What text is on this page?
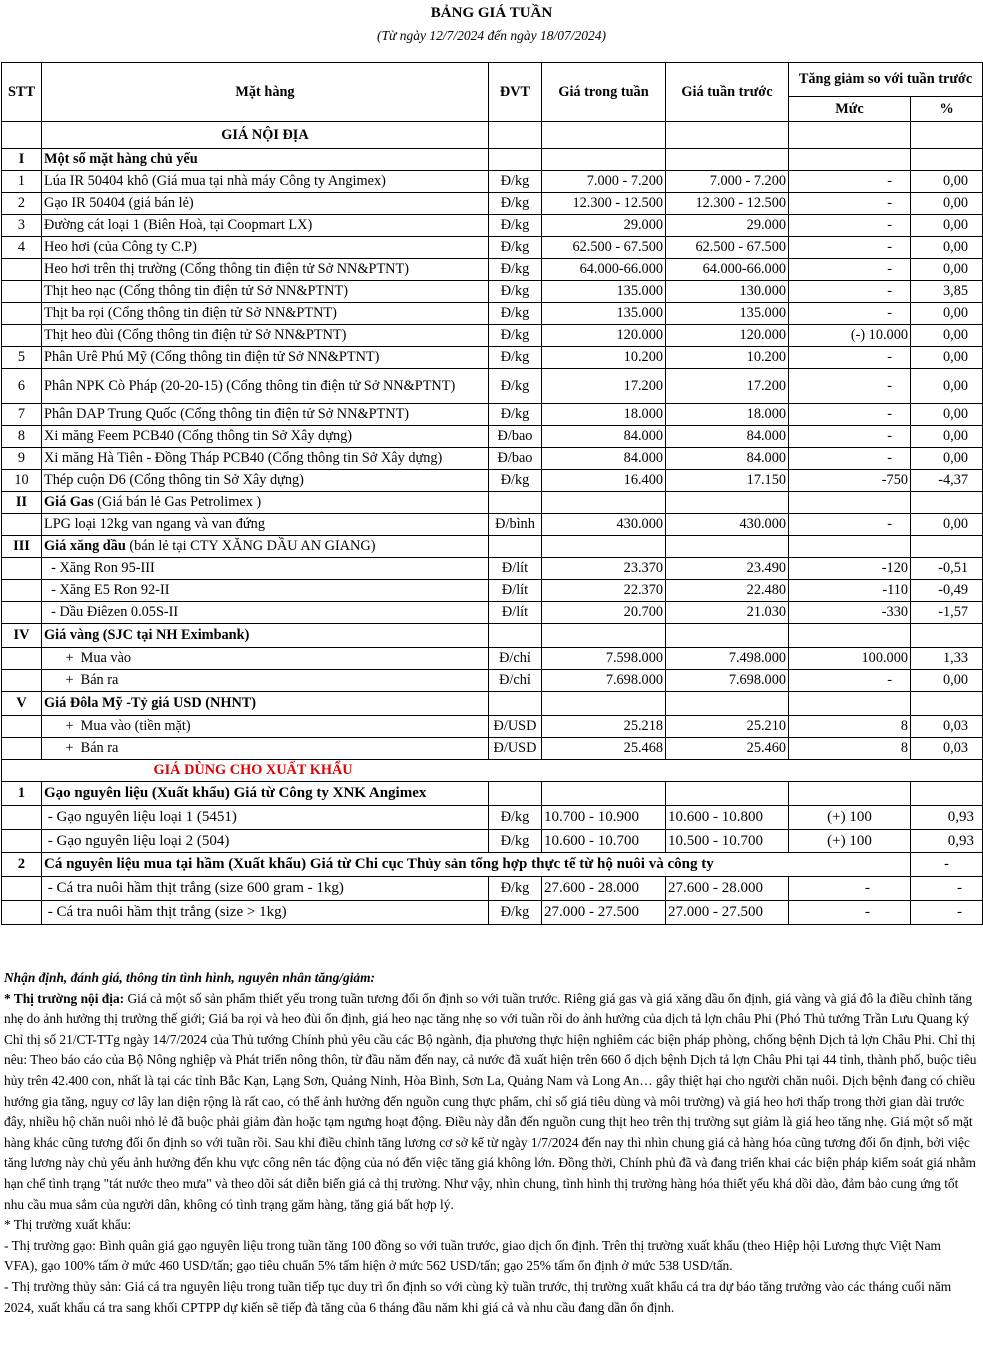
BẢNG GIÁ TUẦN
(Từ ngày 12/7/2024 đến ngày 18/07/2024)
STT	Mặt hàng	ĐVT	Giá trong tuần	Giá tuần trước	Tăng giảm so với tuần trước	
					Mức	%
	GIÁ NỘI ĐỊA					
I	Một số mặt hàng chủ yếu					
1	Lúa IR 50404 khô (Giá mua tại nhà máy Công ty Angimex)	Đ/kg	7.000 - 7.200	7.000 - 7.200	-	0,00
2	Gạo IR 50404 (giá bán lẻ)	Đ/kg	12.300 - 12.500	12.300 - 12.500	-	0,00
3	Đường cát loại 1 (Biên Hoà, tại Coopmart LX)	Đ/kg	29.000	29.000	-	0,00
4	Heo hơi (của Công ty C.P)	Đ/kg	62.500 - 67.500	62.500 - 67.500	-	0,00
	Heo hơi trên thị trường (Cổng thông tin điện tử Sở NN&PTNT)	Đ/kg	64.000-66.000	64.000-66.000	-	0,00
	Thịt heo nạc (Cổng thông tin điện tử Sở NN&PTNT)	Đ/kg	135.000	130.000	-	3,85
	Thịt ba rọi (Cổng thông tin điện tử Sở NN&PTNT)	Đ/kg	135.000	135.000	-	0,00
	Thịt heo đùi (Cổng thông tin điện tử Sở NN&PTNT)	Đ/kg	120.000	120.000	(-) 10.000	0,00
5	Phân Urê Phú Mỹ (Cổng thông tin điện tử Sở NN&PTNT)	Đ/kg	10.200	10.200	-	0,00
6	Phân NPK Cò Pháp (20-20-15) (Cổng thông tin điện tử Sở NN&PTNT)	Đ/kg	17.200	17.200	-	0,00
7	Phân DAP Trung Quốc (Cổng thông tin điện tử Sở NN&PTNT)	Đ/kg	18.000	18.000	-	0,00
8	Xi măng Feem PCB40 (Cổng thông tin Sở Xây dựng)	Đ/bao	84.000	84.000	-	0,00
9	Xi măng Hà Tiên - Đồng Tháp PCB40 (Cổng thông tin Sở Xây dựng)	Đ/bao	84.000	84.000	-	0,00
10	Thép cuộn D6 (Cổng thông tin Sở Xây dựng)	Đ/kg	16.400	17.150	-750	-4,37
II	Giá Gas (Giá bán lẻ Gas Petrolimex )					
	LPG loại 12kg van ngang và van đứng	Đ/bình	430.000	430.000	-	0,00
III	Giá xăng dầu (bán lẻ tại CTY XĂNG DẦU AN GIANG)					
	- Xăng Ron 95-III	Đ/lít	23.370	23.490	-120	-0,51
	- Xăng E5 Ron 92-II	Đ/lít	22.370	22.480	-110	-0,49
	- Dầu Điêzen 0.05S-II	Đ/lít	20.700	21.030	-330	-1,57
IV	Giá vàng (SJC tại NH Eximbank)					
	+  Mua vào	Đ/chỉ	7.598.000	7.498.000	100.000	1,33
	+  Bán ra	Đ/chỉ	7.698.000	7.698.000	-	0,00
V	Giá Đôla Mỹ -Tỷ giá USD (NHNT)					
	+  Mua vào (tiền mặt)	Đ/USD	25.218	25.210	8	0,03
	+  Bán ra	Đ/USD	25.468	25.460	8	0,03
	GIÁ DÙNG CHO XUẤT KHẨU					
1	Gạo nguyên liệu (Xuất khẩu) Giá từ Công ty XNK Angimex					
	- Gạo nguyên liệu loại 1 (5451)	Đ/kg	10.700 - 10.900	10.600 - 10.800	(+) 100	0,93
	- Gạo nguyên liệu loại 2 (504)	Đ/kg	10.600 - 10.700	10.500 - 10.700	(+) 100	0,93
2	Cá nguyên liệu mua tại hầm (Xuất khẩu) Giá từ Chi cục Thủy sản tổng hợp thực tế từ hộ nuôi và công ty					-
	- Cá tra nuôi hầm thịt trắng (size 600 gram - 1kg)	Đ/kg	27.600 - 28.000	27.600 - 28.000	-	-
	- Cá tra nuôi hầm thịt trắng (size > 1kg)	Đ/kg	27.000 - 27.500	27.000 - 27.500	-	-

Nhận định, đánh giá, thông tin tình hình, nguyên nhân tăng/giảm:

* Thị trường nội địa: Giá cả một số sản phẩm thiết yếu trong tuần tương đối ổn định so với tuần trước. Riêng giá gas và giá xăng dầu ổn định, giá vàng và giá đô la điều chỉnh tăng nhẹ do ảnh hưởng thị trường thế giới; Giá ba rọi và heo đùi ổn định, giá heo nạc tăng nhẹ so với tuần rồi do ảnh hưởng của dịch tả lợn châu Phi (Phó Thủ tướng Trần Lưu Quang ký Chỉ thị số 21/CT-TTg ngày 14/7/2024 của Thủ tướng Chính phủ yêu cầu các Bộ ngành, địa phương thực hiện nghiêm các biện pháp phòng, chống bệnh Dịch tả lợn Châu Phi. Chỉ thị nêu: Theo báo cáo của Bộ Nông nghiệp và Phát triển nông thôn, từ đầu năm đến nay, cả nước đã xuất hiện trên 660 ổ dịch bệnh Dịch tả lợn Châu Phi tại 44 tỉnh, thành phố, buộc tiêu hủy trên 42.400 con, nhất là tại các tỉnh Bắc Kạn, Lạng Sơn, Quảng Ninh, Hòa Bình, Sơn La, Quảng Nam và Long An… gây thiệt hại cho người chăn nuôi. Dịch bệnh đang có chiều hướng gia tăng, nguy cơ lây lan diện rộng là rất cao, có thể ảnh hưởng đến nguồn cung thực phẩm, chỉ số giá tiêu dùng và môi trường) và giá heo hơi thấp trong thời gian dài trước đây, nhiều hộ chăn nuôi nhỏ lẻ đã buộc phải giảm đàn hoặc tạm ngưng hoạt động. Điều này dẫn đến nguồn cung thịt heo trên thị trường sụt giảm là giá heo tăng nhẹ. Giá một số mặt hàng khác cũng tương đối ổn định so với tuần rồi. Sau khi điều chỉnh tăng lương cơ sở kể từ ngày 1/7/2024 đến nay thì nhìn chung giá cả hàng hóa cũng tương đối ổn định, bởi việc tăng lương này chủ yếu ảnh hưởng đến khu vực công nên tác động của nó đến việc tăng giá không lớn. Đồng thời, Chính phủ đã và đang triển khai các biện pháp kiểm soát giá nhằm hạn chế tình trạng "tát nước theo mưa" và theo dõi sát diễn biến giá cả thị trường. Như vậy, nhìn chung, tình hình thị trường hàng hóa thiết yếu khá dồi dào, đảm bảo cung ứng tốt nhu cầu mua sắm của người dân, không có tình trạng găm hàng, tăng giá bất hợp lý.

* Thị trường xuất khẩu:

- Thị trường gạo: Bình quân giá gạo nguyên liệu trong tuần tăng 100 đồng so với tuần trước, giao dịch ổn định. Trên thị trường xuất khẩu (theo Hiệp hội Lương thực Việt Nam VFA), gạo 100% tấm ở mức 460 USD/tấn; gạo tiêu chuẩn 5% tấm hiện ở mức 562 USD/tấn; gạo 25% tấm ổn định ở mức 538 USD/tấn.

- Thị trường thủy sản: Giá cá tra nguyên liệu trong tuần tiếp tục duy trì ổn định so với cùng kỳ tuần trước, thị trường xuất khẩu cá tra dự báo tăng trưởng vào các tháng cuối năm 2024, xuất khẩu cá tra sang khối CPTPP dự kiến sẽ tiếp đà tăng của 6 tháng đầu năm khi giá cả và nhu cầu đang dần ổn định.
